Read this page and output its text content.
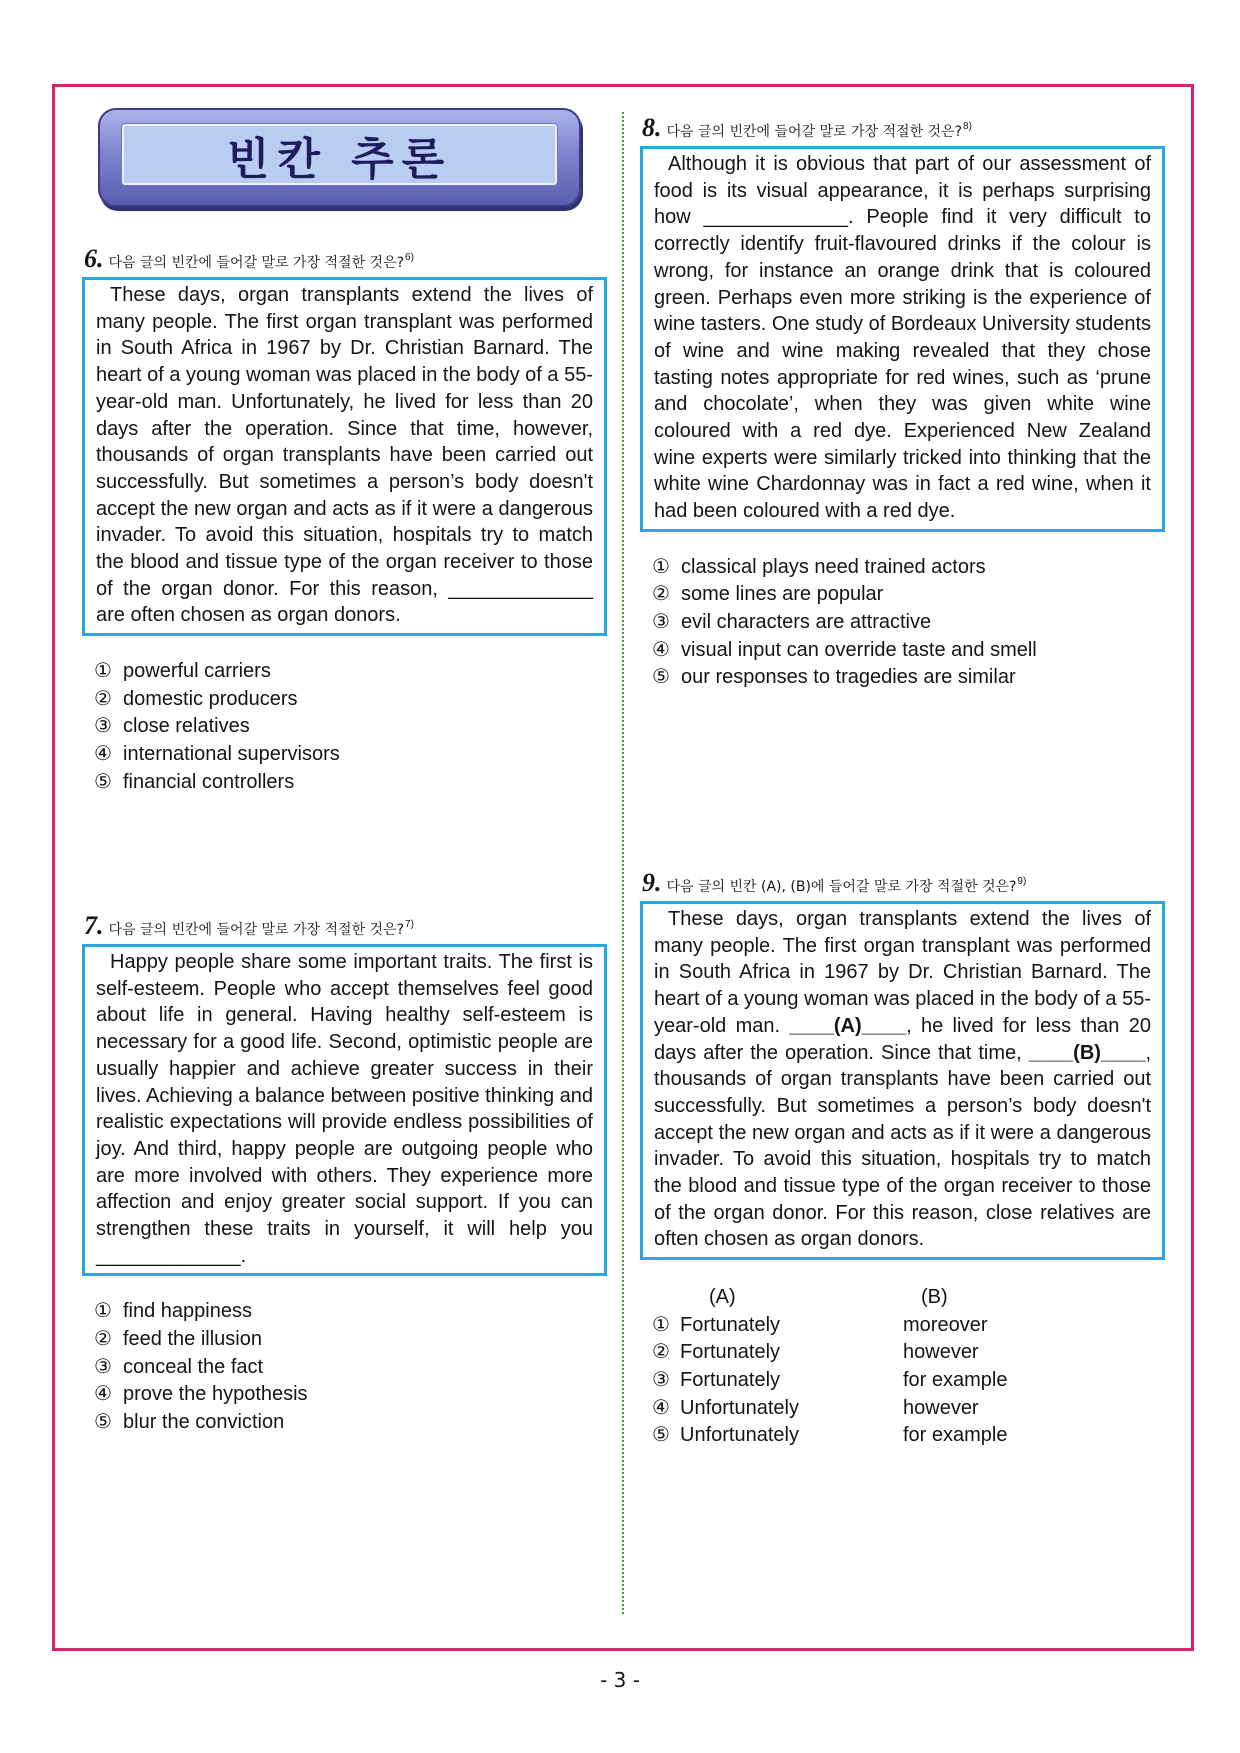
빈칸 추론
6. 다음 글의 빈칸에 들어갈 말로 가장 적절한 것은? 6)
These days, organ transplants extend the lives of many people. The first organ transplant was performed in South Africa in 1967 by Dr. Christian Barnard. The heart of a young woman was placed in the body of a 55-year-old man. Unfortunately, he lived for less than 20 days after the operation. Since that time, however, thousands of organ transplants have been carried out successfully. But sometimes a person’s body doesn't accept the new organ and acts as if it were a dangerous invader. To avoid this situation, hospitals try to match the blood and tissue type of the organ receiver to those of the organ donor. For this reason, _____________ are often chosen as organ donors.
① powerful carriers
② domestic producers
③ close relatives
④ international supervisors
⑤ financial controllers
7. 다음 글의 빈칸에 들어갈 말로 가장 적절한 것은? 7)
Happy people share some important traits. The first is self-esteem. People who accept themselves feel good about life in general. Having healthy self-esteem is necessary for a good life. Second, optimistic people are usually happier and achieve greater success in their lives. Achieving a balance between positive thinking and realistic expectations will provide endless possibilities of joy. And third, happy people are outgoing people who are more involved with others. They experience more affection and enjoy greater social support. If you can strengthen these traits in yourself, it will help you _____________.
① find happiness
② feed the illusion
③ conceal the fact
④ prove the hypothesis
⑤ blur the conviction
8. 다음 글의 빈칸에 들어갈 말로 가장 적절한 것은? 8)
Although it is obvious that part of our assessment of food is its visual appearance, it is perhaps surprising how _____________. People find it very difficult to correctly identify fruit-flavoured drinks if the colour is wrong, for instance an orange drink that is coloured green. Perhaps even more striking is the experience of wine tasters. One study of Bordeaux University students of wine and wine making revealed that they chose tasting notes appropriate for red wines, such as ‘prune and chocolate’, when they was given white wine coloured with a red dye. Experienced New Zealand wine experts were similarly tricked into thinking that the white wine Chardonnay was in fact a red wine, when it had been coloured with a red dye.
① classical plays need trained actors
② some lines are popular
③ evil characters are attractive
④ visual input can override taste and smell
⑤ our responses to tragedies are similar
9. 다음 글의 빈칸 (A), (B)에 들어갈 말로 가장 적절한 것은? 9)
These days, organ transplants extend the lives of many people. The first organ transplant was performed in South Africa in 1967 by Dr. Christian Barnard. The heart of a young woman was placed in the body of a 55-year-old man. ____(A)____, he lived for less than 20 days after the operation. Since that time, ____(B)____, thousands of organ transplants have been carried out successfully. But sometimes a person’s body doesn't accept the new organ and acts as if it were a dangerous invader. To avoid this situation, hospitals try to match the blood and tissue type of the organ receiver to those of the organ donor. For this reason, close relatives are often chosen as organ donors.
(A)	(B)
① Fortunately	moreover
② Fortunately	however
③ Fortunately	for example
④ Unfortunately	however
⑤ Unfortunately	for example
- 3 -
